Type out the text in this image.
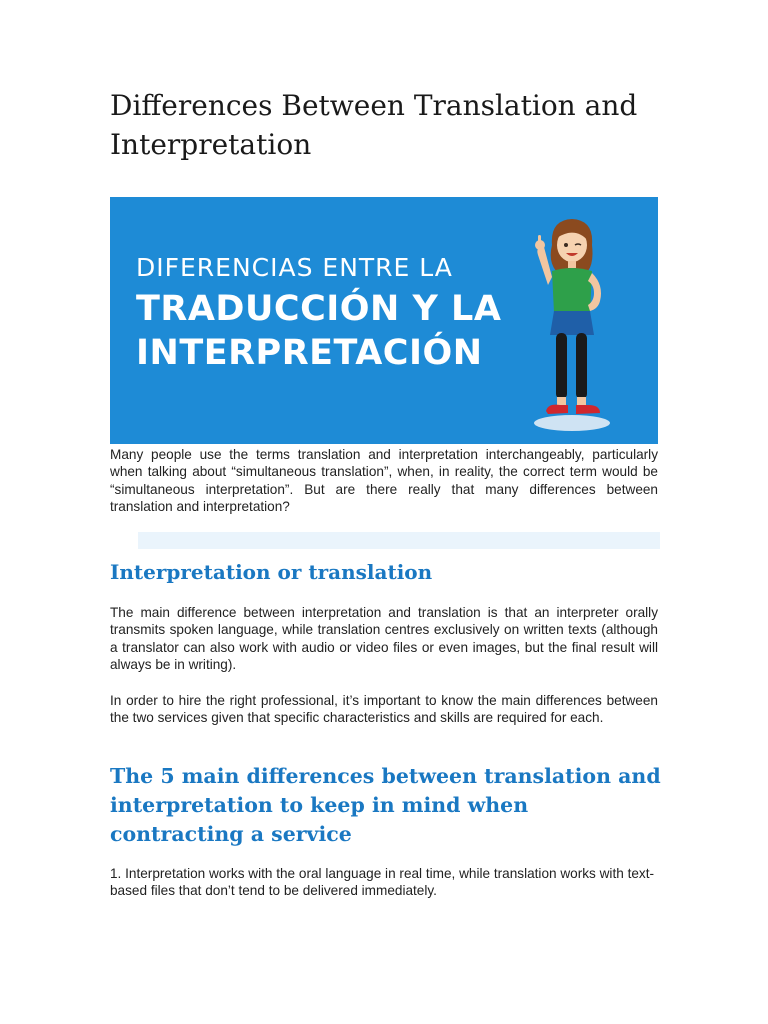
Differences Between Translation and Interpretation
DIFERENCIAS ENTRE LA
TRADUCCIÓN Y LA
INTERPRETACIÓN

Many people use the terms translation and interpretation interchangeably, particularly when talking about “simultaneous translation”, when, in reality, the correct term would be “simultaneous interpretation”. But are there really that many differences between translation and interpretation?

Interpretation or translation

The main difference between interpretation and translation is that an interpreter orally transmits spoken language, while translation centres exclusively on written texts (although a translator can also work with audio or video files or even images, but the final result will always be in writing).

In order to hire the right professional, it’s important to know the main differences between the two services given that specific characteristics and skills are required for each.

The 5 main differences between translation and interpretation to keep in mind when contracting a service

1. Interpretation works with the oral language in real time, while translation works with text-based files that don’t tend to be delivered immediately.
